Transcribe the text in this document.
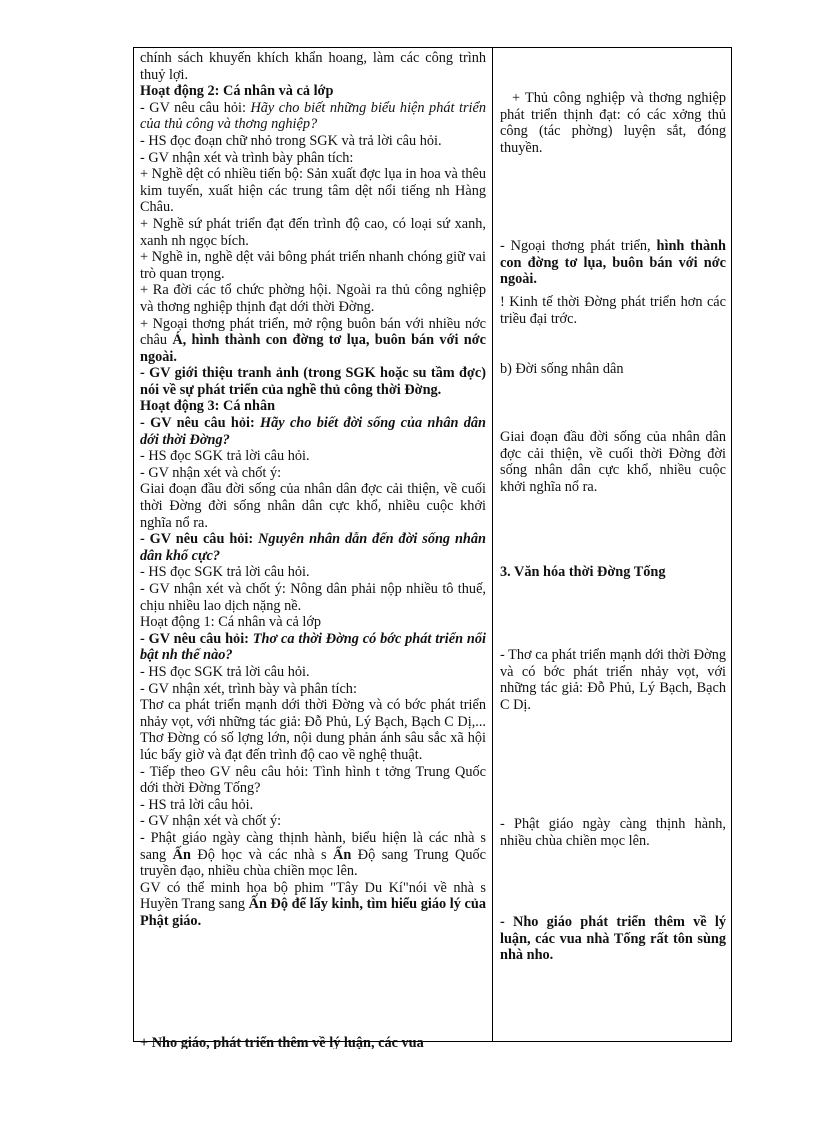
chính sách khuyến khích khẩn hoang, làm các công trình thuỷ lợi.

Hoạt động 2: Cá nhân và cả lớp

- GV nêu câu hỏi: Hãy cho biết những biểu hiện phát triển của thủ công và thơng nghiệp?

- HS đọc đoạn chữ nhỏ trong SGK và trả lời câu hỏi.

- GV nhận xét và trình bày phân tích:

+ Nghề dệt có nhiều tiến bộ: Sản xuất đợc lụa in hoa và thêu kim tuyến, xuất hiện các trung tâm dệt nổi tiếng nh Hàng Châu.

+ Nghề sứ phát triển đạt đến trình độ cao, có loại sứ xanh, xanh nh ngọc bích.

+ Nghề in, nghề dệt vải bông phát triển nhanh chóng giữ vai trò quan trọng.

+ Ra đời các tổ chức phờng hội. Ngoài ra thủ công nghiệp và thơng nghiệp thịnh đạt dới thời Đờng.

+ Ngoại thơng phát triển, mở rộng buôn bán với nhiều nớc châu Á, hình thành con đờng tơ lụa, buôn bán với nớc ngoài.

- GV giới thiệu tranh ảnh (trong SGK hoặc su tầm đợc) nói về sự phát triển của nghề thủ công thời Đờng.

Hoạt động 3: Cá nhân

- GV nêu câu hỏi: Hãy cho biết đời sống của nhân dân dới thời Đờng?

- HS đọc SGK trả lời câu hỏi.

- GV nhận xét và chốt ý:

Giai đoạn đầu đời sống của nhân dân đợc cải thiện, về cuối thời Đờng đời sống nhân dân cực khổ, nhiều cuộc khởi nghĩa nổ ra.

- GV nêu câu hỏi: Nguyên nhân dẫn đến đời sống nhân dân khổ cực?

- HS đọc SGK trả lời câu hỏi.

- GV nhận xét và chốt ý: Nông dân phải nộp nhiều tô thuế, chịu nhiều lao dịch nặng nề.

Hoạt động 1: Cá nhân và cả lớp

- GV nêu câu hỏi: Thơ ca thời Đờng có bớc phát triển nổi bật nh thế nào?

- HS đọc SGK trả lời câu hỏi.

- GV nhận xét, trình bày và phân tích:

Thơ ca phát triển mạnh dới thời Đờng và có bớc phát triển nhảy vọt, với những tác giả: Đỗ Phủ, Lý Bạch, Bạch C Dị,... Thơ Đờng có số lợng lớn, nội dung phản ánh sâu sắc xã hội lúc bấy giờ và đạt đến trình độ cao về nghệ thuật.

- Tiếp theo GV nêu câu hỏi: Tình hình t tởng Trung Quốc dới thời Đờng Tống?

- HS trả lời câu hỏi.

- GV nhận xét và chốt ý:

- Phật giáo ngày càng thịnh hành, biểu hiện là các nhà s sang Ấn Độ học và các nhà s Ấn Độ sang Trung Quốc truyền đạo, nhiều chùa chiền mọc lên.

GV có thể minh họa bộ phim "Tây Du Kí"nói về nhà s Huyền Trang sang Ấn Độ để lấy kinh, tìm hiểu giáo lý của Phật giáo.

+ Nho giáo, phát triển thêm về lý luận, các vua

+ Thủ công nghiệp và thơng nghiệp phát triển thịnh đạt: có các xởng thủ công (tác phờng) luyện sắt, đóng thuyền.

- Ngoại thơng phát triển, hình thành con đờng tơ lụa, buôn bán với nớc ngoài.

! Kinh tế thời Đờng phát triển hơn các triều đại trớc.

b) Đời sống nhân dân

Giai đoạn đầu đời sống của nhân dân đợc cải thiện, về cuối thời Đờng đời sống nhân dân cực khổ, nhiều cuộc khởi nghĩa nổ ra.

3. Văn hóa thời Đờng Tống

- Thơ ca phát triển mạnh dới thời Đờng và có bớc phát triển nhảy vọt, với những tác giả: Đỗ Phủ, Lý Bạch, Bạch C Dị.

- Phật giáo ngày càng thịnh hành, nhiều chùa chiền mọc lên.

- Nho giáo phát triển thêm về lý luận, các vua nhà Tống rất tôn sùng nhà nho.
